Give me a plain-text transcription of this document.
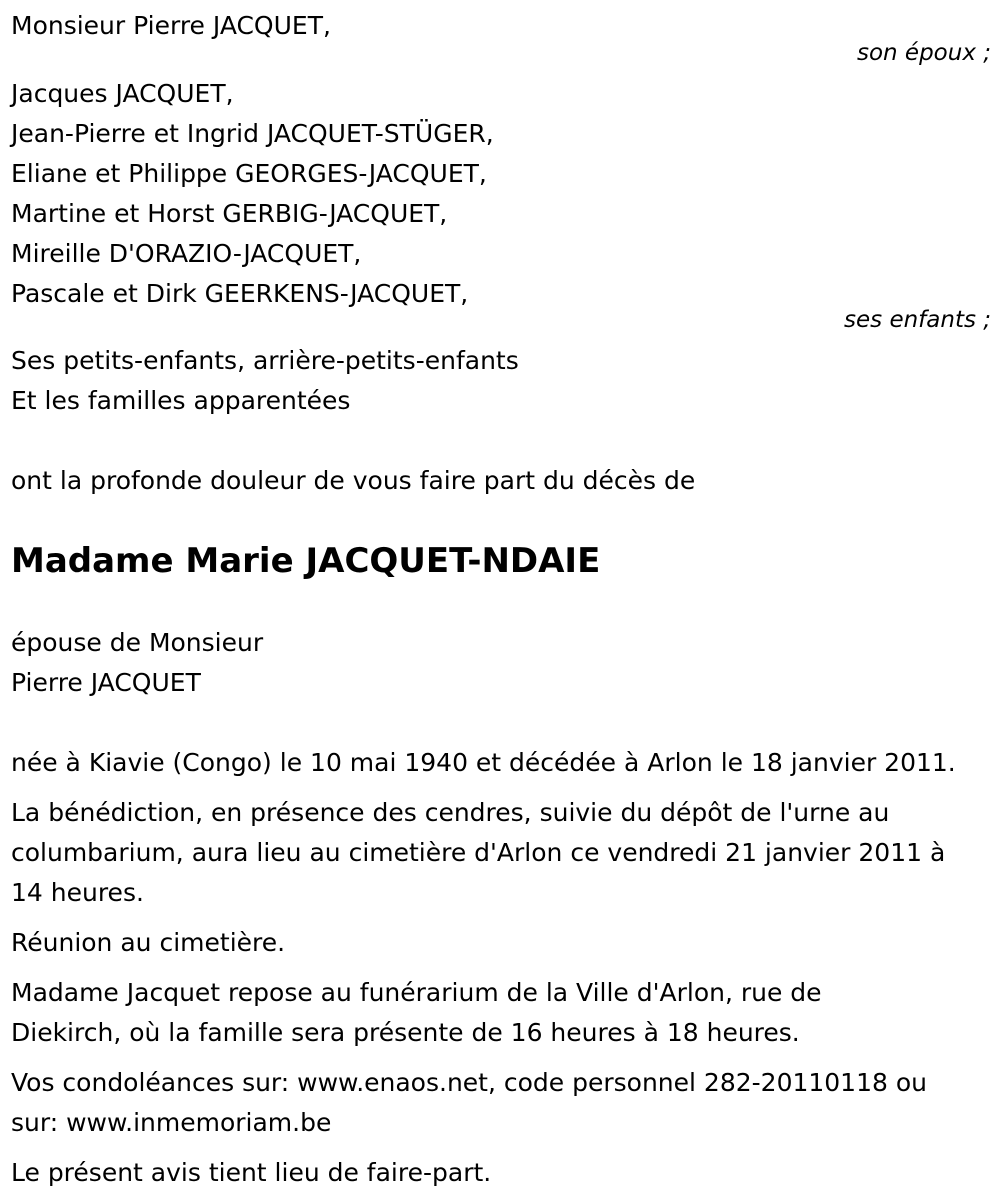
Monsieur Pierre JACQUET,
son époux ;
Jacques JACQUET,
Jean-Pierre et Ingrid JACQUET-STÜGER,
Eliane et Philippe GEORGES-JACQUET,
Martine et Horst GERBIG-JACQUET,
Mireille D'ORAZIO-JACQUET,
Pascale et Dirk GEERKENS-JACQUET,
ses enfants ;
Ses petits-enfants, arrière-petits-enfants
Et les familles apparentées
ont la profonde douleur de vous faire part du décès de
Madame Marie JACQUET-NDAIE
épouse de Monsieur
Pierre JACQUET
née à Kiavie (Congo) le 10 mai 1940 et décédée à Arlon le 18 janvier 2011.
La bénédiction, en présence des cendres, suivie du dépôt de l'urne au
columbarium, aura lieu au cimetière d'Arlon ce vendredi 21 janvier 2011 à
14 heures.
Réunion au cimetière.
Madame Jacquet repose au funérarium de la Ville d'Arlon, rue de
Diekirch, où la famille sera présente de 16 heures à 18 heures.
Vos condoléances sur: www.enaos.net, code personnel 282-20110118 ou
sur: www.inmemoriam.be
Le présent avis tient lieu de faire-part.
